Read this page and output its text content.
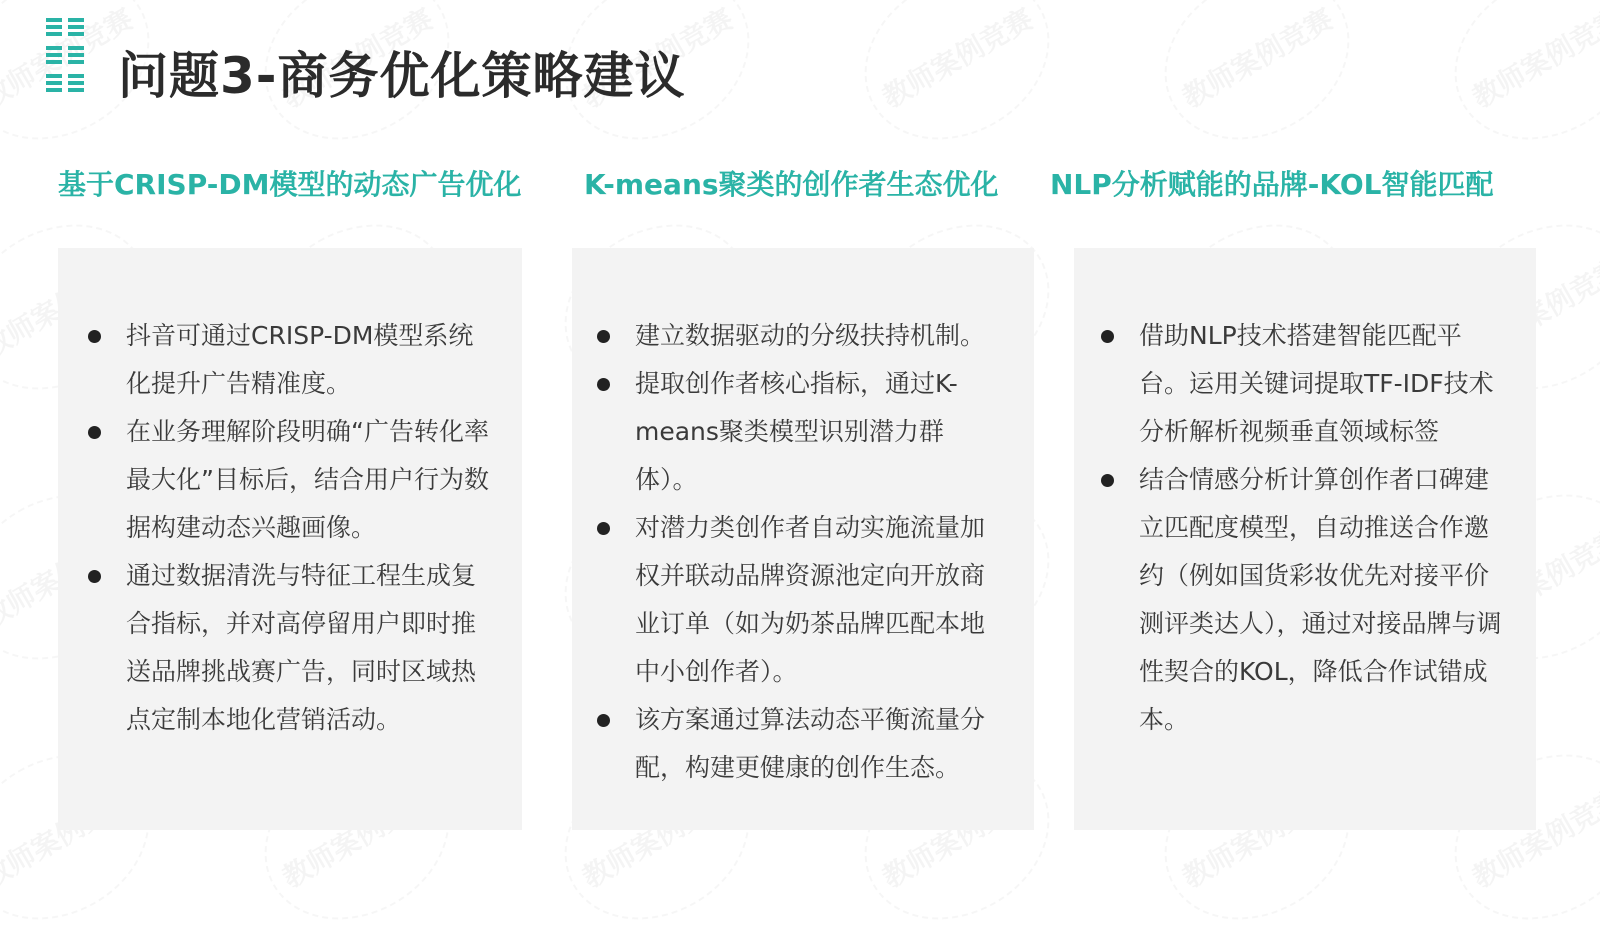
问题3-商务优化策略建议
基于CRISP-DM模型的动态广告优化 K-means聚类的创作者生态优化 NLP分析赋能的品牌-KOL智能匹配
抖音可通过CRISP-DM模型系统化提升广告精准度。
在业务理解阶段明确“广告转化率最大化”目标后，结合用户行为数据构建动态兴趣画像。
通过数据清洗与特征工程生成复合指标，并对高停留用户即时推送品牌挑战赛广告，同时区域热点定制本地化营销活动。
建立数据驱动的分级扶持机制。
提取创作者核心指标，通过K-means聚类模型识别潜力群体）。
对潜力类创作者自动实施流量加权并联动品牌资源池定向开放商业订单（如为奶茶品牌匹配本地中小创作者）。
该方案通过算法动态平衡流量分配，构建更健康的创作生态。
借助NLP技术搭建智能匹配平台。运用关键词提取TF-IDF技术分析解析视频垂直领域标签
结合情感分析计算创作者口碑建立匹配度模型，自动推送合作邀约（例如国货彩妆优先对接平价测评类达人），通过对接品牌与调性契合的KOL，降低合作试错成本。
